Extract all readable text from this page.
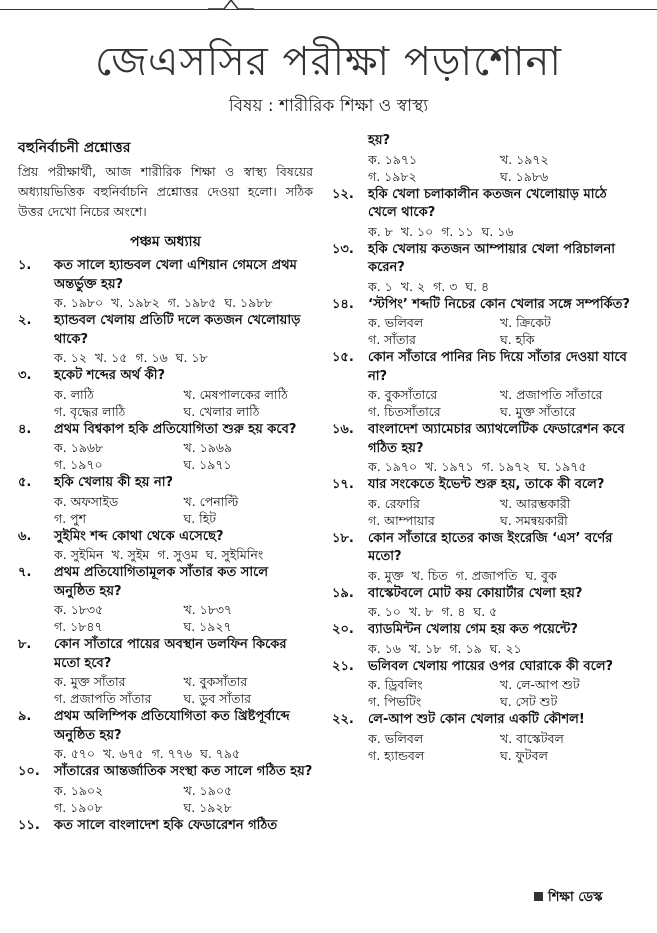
জেএসসির পরীক্ষা পড়াশোনা
বিষয় : শারীরিক শিক্ষা ও স্বাস্থ্য
বহুনির্বাচনী প্রশ্নোত্তর

প্রিয় পরীক্ষার্থী, আজ শারীরিক শিক্ষা ও স্বাস্থ্য বিষয়ের অধ্যায়ভিত্তিক বহুনির্বাচনি প্রশ্নোত্তর দেওয়া হলো। সঠিক উত্তর দেখো নিচের অংশে।

পঞ্চম অধ্যায়
১.	কত সালে হ্যান্ডবল খেলা এশিয়ান গেমসে প্রথম অন্তর্ভুক্ত হয়?
ক. ১৯৮০ খ. ১৯৮২ গ. ১৯৮৫ ঘ. ১৯৮৮
২.	হ্যান্ডবল খেলায় প্রতিটি দলে কতজন খেলোয়াড় থাকে?
ক. ১২ খ. ১৫ গ. ১৬ ঘ. ১৮
৩.	হকেট শব্দের অর্থ কী?
ক. লাঠি	খ. মেষপালকের লাঠি
গ. বৃদ্ধের লাঠি	ঘ. খেলার লাঠি
৪.	প্রথম বিশ্বকাপ হকি প্রতিযোগিতা শুরু হয় কবে?
ক. ১৯৬৮	খ. ১৯৬৯
গ. ১৯৭০	ঘ. ১৯৭১
৫.	হকি খেলায় কী হয় না?
ক. অফসাইড	খ. পেনাল্টি
গ. পুশ	ঘ. হিট
৬.	সুইমিং শব্দ কোথা থেকে এসেছে?
ক. সুইমিন খ. সুইম গ. সুওম ঘ. সুইমিনিং
৭.	প্রথম প্রতিযোগিতামূলক সাঁতার কত সালে অনুষ্ঠিত হয়?
ক. ১৮৩৫	খ. ১৮৩৭
গ. ১৮৪৭	ঘ. ১৯২৭
৮.	কোন সাঁতারে পায়ের অবস্থান ডলফিন কিকের মতো হবে?
ক. মুক্ত সাঁতার	খ. বুকসাঁতার
গ. প্রজাপতি সাঁতার	ঘ. ডুব সাঁতার
৯.	প্রথম অলিম্পিক প্রতিযোগিতা কত খ্রিষ্টপূর্বাব্দে অনুষ্ঠিত হয়?
ক. ৫৭০ খ. ৬৭৫ গ. ৭৭৬ ঘ. ৭৯৫
১০.	সাঁতারের আন্তর্জাতিক সংস্থা কত সালে গঠিত হয়?
ক. ১৯০২	খ. ১৯০৫
গ. ১৯০৮	ঘ. ১৯২৮
১১.	কত সালে বাংলাদেশ হকি ফেডারেশন গঠিত
হয়?
ক. ১৯৭১	খ. ১৯৭২
গ. ১৯৮২	ঘ. ১৯৮৬
১২.	হকি খেলা চলাকালীন কতজন খেলোয়াড় মাঠে খেলে থাকে?
ক. ৮ খ. ১০ গ. ১১ ঘ. ১৬
১৩.	হকি খেলায় কতজন আম্পায়ার খেলা পরিচালনা করেন?
ক. ১ খ. ২ গ. ৩ ঘ. ৪
১৪.	‘স্টপিং’ শব্দটি নিচের কোন খেলার সঙ্গে সম্পর্কিত?
ক. ভলিবল	খ. ক্রিকেট
গ. সাঁতার	ঘ. হকি
১৫.	কোন সাঁতারে পানির নিচ দিয়ে সাঁতার দেওয়া যাবে না?
ক. বুকসাঁতারে	খ. প্রজাপতি সাঁতারে
গ. চিতসাঁতারে	ঘ. মুক্ত সাঁতারে
১৬.	বাংলাদেশ অ্যামেচার অ্যাথলেটিক ফেডারেশন কবে গঠিত হয়?
ক. ১৯৭০ খ. ১৯৭১ গ. ১৯৭২ ঘ. ১৯৭৫
১৭.	যার সংকেতে ইভেন্ট শুরু হয়, তাকে কী বলে?
ক. রেফারি	খ. আরম্ভকারী
গ. আম্পায়ার	ঘ. সমন্বয়কারী
১৮.	কোন সাঁতারে হাতের কাজ ইংরেজি ‘এস’ বর্ণের মতো?
ক. মুক্ত খ. চিত গ. প্রজাপতি ঘ. বুক
১৯.	বাস্কেটবলে মোট কয় কোয়ার্টার খেলা হয়?
ক. ১০ খ. ৮ গ. ৪ ঘ. ৫
২০.	ব্যাডমিন্টন খেলায় গেম হয় কত পয়েন্টে?
ক. ১৬ খ. ১৮ গ. ১৯ ঘ. ২১
২১.	ভলিবল খেলায় পায়ের ওপর ঘোরাকে কী বলে?
ক. ড্রিবলিং	খ. লে-আপ শুট
গ. পিভটিং	ঘ. সেট শুট
২২.	লে-আপ শুট কোন খেলার একটি কৌশল!
ক. ভলিবল	খ. বাস্কেটবল
গ. হ্যান্ডবল	ঘ. ফুটবল
শিক্ষা ডেস্ক
